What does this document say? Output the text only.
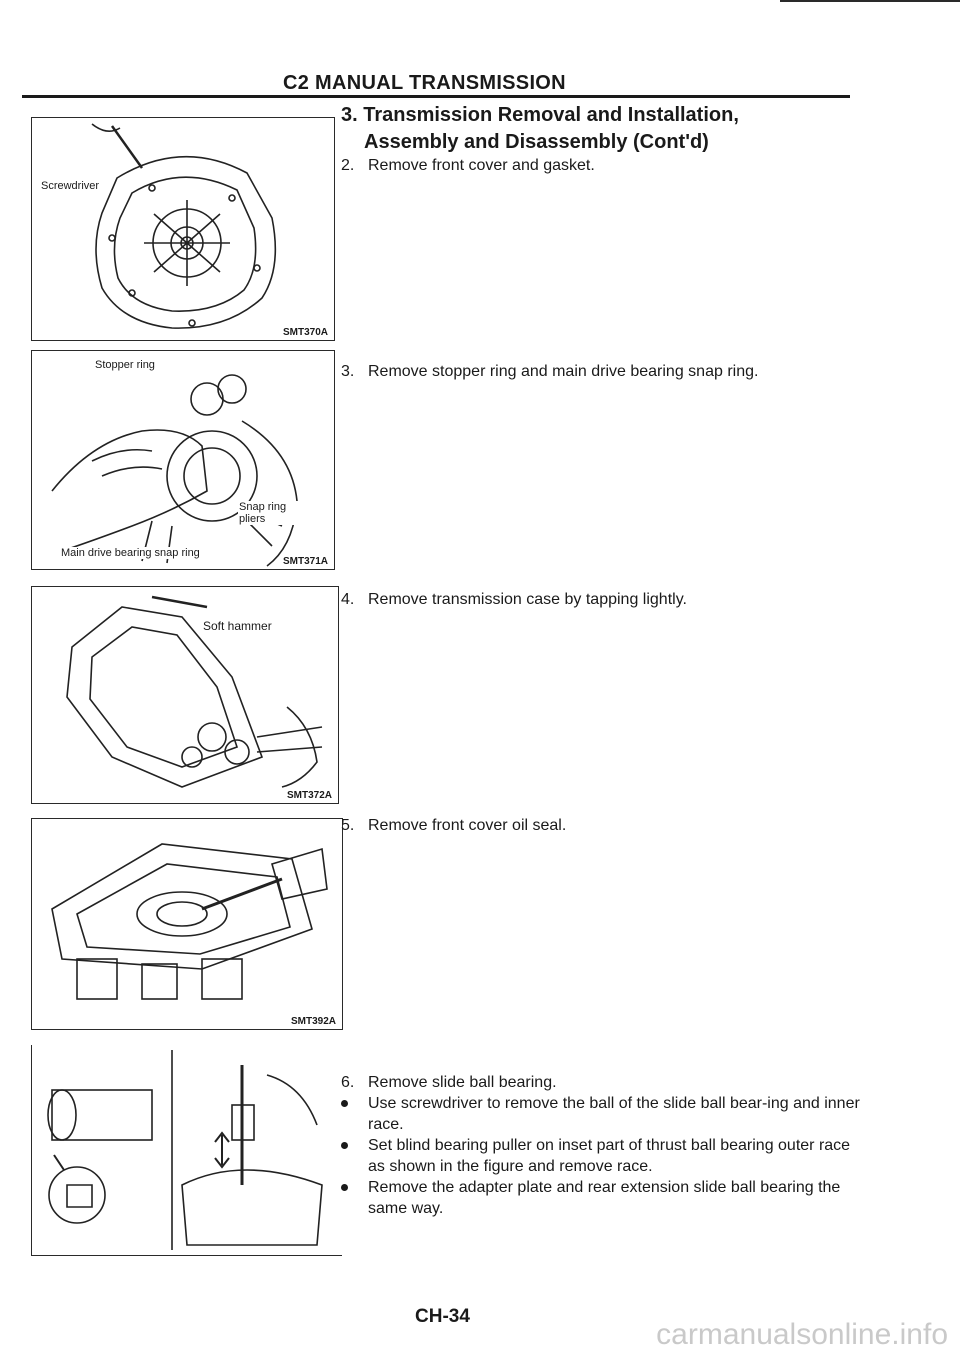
C2 MANUAL TRANSMISSION
3. Transmission Removal and Installation,
Assembly and Disassembly (Cont'd)
Screwdriver
SMT370A
Stopper ring
Snap ring pliers
Main drive bearing snap ring
SMT371A
Soft hammer
SMT372A
SMT392A
2. Remove front cover and gasket.
3. Remove stopper ring and main drive bearing snap ring.
4. Remove transmission case by tapping lightly.
5. Remove front cover oil seal.
6. Remove slide ball bearing.
Use screwdriver to remove the ball of the slide ball bear-ing and inner race.
Set blind bearing puller on inset part of thrust ball bearing outer race as shown in the figure and remove race.
Remove the adapter plate and rear extension slide ball bearing the same way.
CH-34
carmanualsonline.info
